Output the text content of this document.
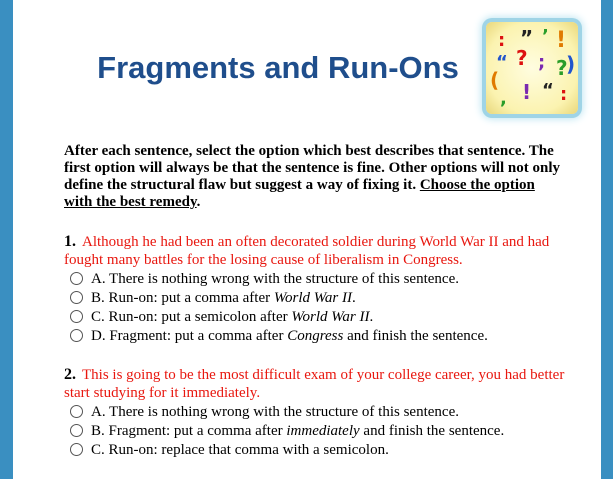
Fragments and Run-Ons
: ” ’ !
“ ? ; ?
)
( “
,	:
!
After each sentence, select the option which best describes that sentence. The first option will always be that the sentence is fine. Other options will not only define the structural flaw but suggest a way of fixing it. Choose the option with the best remedy.
1. Although he had been an often decorated soldier during World War II and had fought many battles for the losing cause of liberalism in Congress.
A. There is nothing wrong with the structure of this sentence.
B. Run-on: put a comma after World War II.
C. Run-on: put a semicolon after World War II.
D. Fragment: put a comma after Congress and finish the sentence.
2. This is going to be the most difficult exam of your college career, you had better start studying for it immediately.
A. There is nothing wrong with the structure of this sentence.
B. Fragment: put a comma after immediately and finish the sentence.
C. Run-on: replace that comma with a semicolon.
